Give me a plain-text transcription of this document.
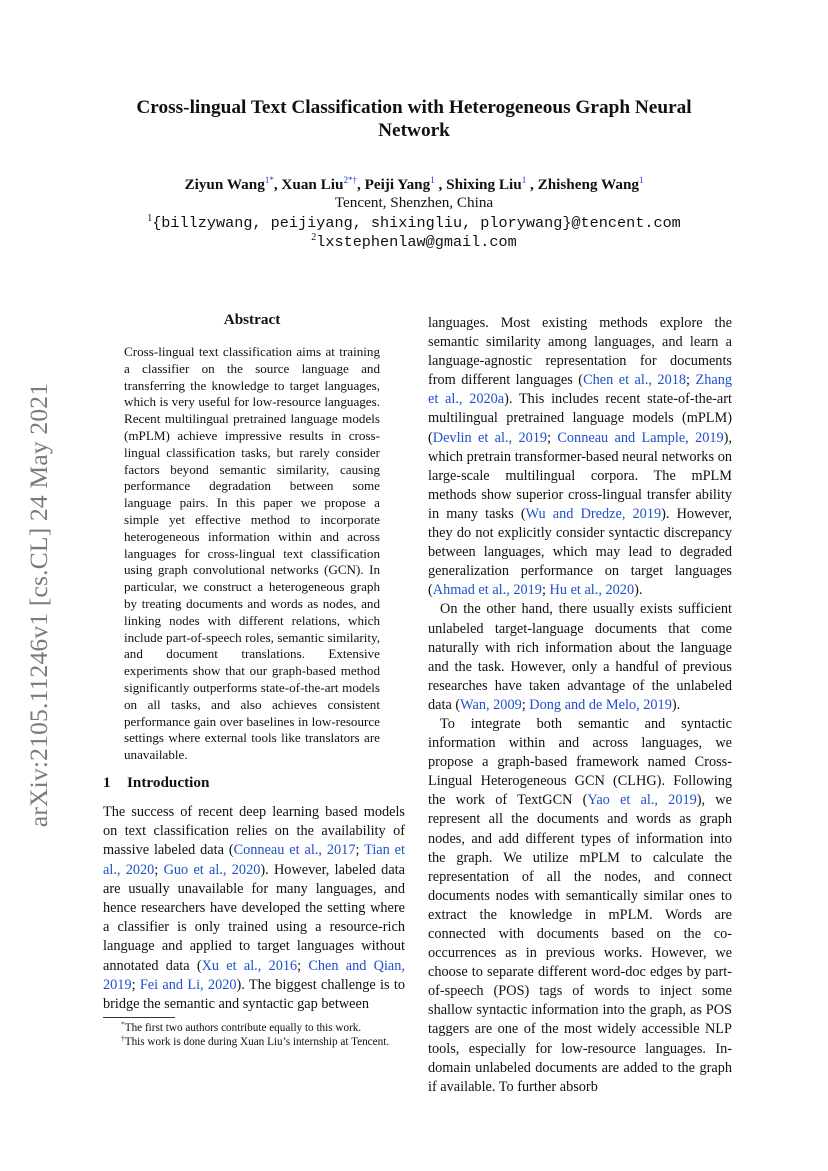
arXiv:2105.11246v1 [cs.CL] 24 May 2021
Cross-lingual Text Classification with Heterogeneous Graph Neural Network
Ziyun Wang$^{1*}$, Xuan Liu$^{2*\dagger}$, Peiji Yang$^1$ , Shixing Liu$^1$ , Zhisheng Wang$^1$
Tencent, Shenzhen, China
$^1${billzywang, peijiyang, shixingliu, plorywang}@tencent.com
$^2$lxstephenlaw@gmail.com
Abstract
Cross-lingual text classification aims at training a classifier on the source language and transferring the knowledge to target languages, which is very useful for low-resource languages. Recent multilingual pretrained language models (mPLM) achieve impressive results in cross-lingual classification tasks, but rarely consider factors beyond semantic similarity, causing performance degradation between some language pairs. In this paper we propose a simple yet effective method to incorporate heterogeneous information within and across languages for cross-lingual text classification using graph convolutional networks (GCN). In particular, we construct a heterogeneous graph by treating documents and words as nodes, and linking nodes with different relations, which include part-of-speech roles, semantic similarity, and document translations. Extensive experiments show that our graph-based method significantly outperforms state-of-the-art models on all tasks, and also achieves consistent performance gain over baselines in low-resource settings where external tools like translators are unavailable.
1 Introduction
The success of recent deep learning based models on text classification relies on the availability of massive labeled data (Conneau et al., 2017; Tian et al., 2020; Guo et al., 2020). However, labeled data are usually unavailable for many languages, and hence researchers have developed the setting where a classifier is only trained using a resource-rich language and applied to target languages without annotated data (Xu et al., 2016; Chen and Qian, 2019; Fei and Li, 2020). The biggest challenge is to bridge the semantic and syntactic gap between

languages. Most existing methods explore the semantic similarity among languages, and learn a language-agnostic representation for documents from different languages (Chen et al., 2018; Zhang et al., 2020a). This includes recent state-of-the-art multilingual pretrained language models (mPLM) (Devlin et al., 2019; Conneau and Lample, 2019), which pretrain transformer-based neural networks on large-scale multilingual corpora. The mPLM methods show superior cross-lingual transfer ability in many tasks (Wu and Dredze, 2019). However, they do not explicitly consider syntactic discrepancy between languages, which may lead to degraded generalization performance on target languages (Ahmad et al., 2019; Hu et al., 2020).

On the other hand, there usually exists sufficient unlabeled target-language documents that come naturally with rich information about the language and the task. However, only a handful of previous researches have taken advantage of the unlabeled data (Wan, 2009; Dong and de Melo, 2019).

To integrate both semantic and syntactic information within and across languages, we propose a graph-based framework named Cross-Lingual Heterogeneous GCN (CLHG). Following the work of TextGCN (Yao et al., 2019), we represent all the documents and words as graph nodes, and add different types of information into the graph. We utilize mPLM to calculate the representation of all the nodes, and connect documents nodes with semantically similar ones to extract the knowledge in mPLM. Words are connected with documents based on the co-occurrences as in previous works. However, we choose to separate different word-doc edges by part-of-speech (POS) tags of words to inject some shallow syntactic information into the graph, as POS taggers are one of the most widely accessible NLP tools, especially for low-resource languages. In-domain unlabeled documents are added to the graph if available. To further absorb

*The first two authors contribute equally to this work.
†This work is done during Xuan Liu’s internship at Tencent.
